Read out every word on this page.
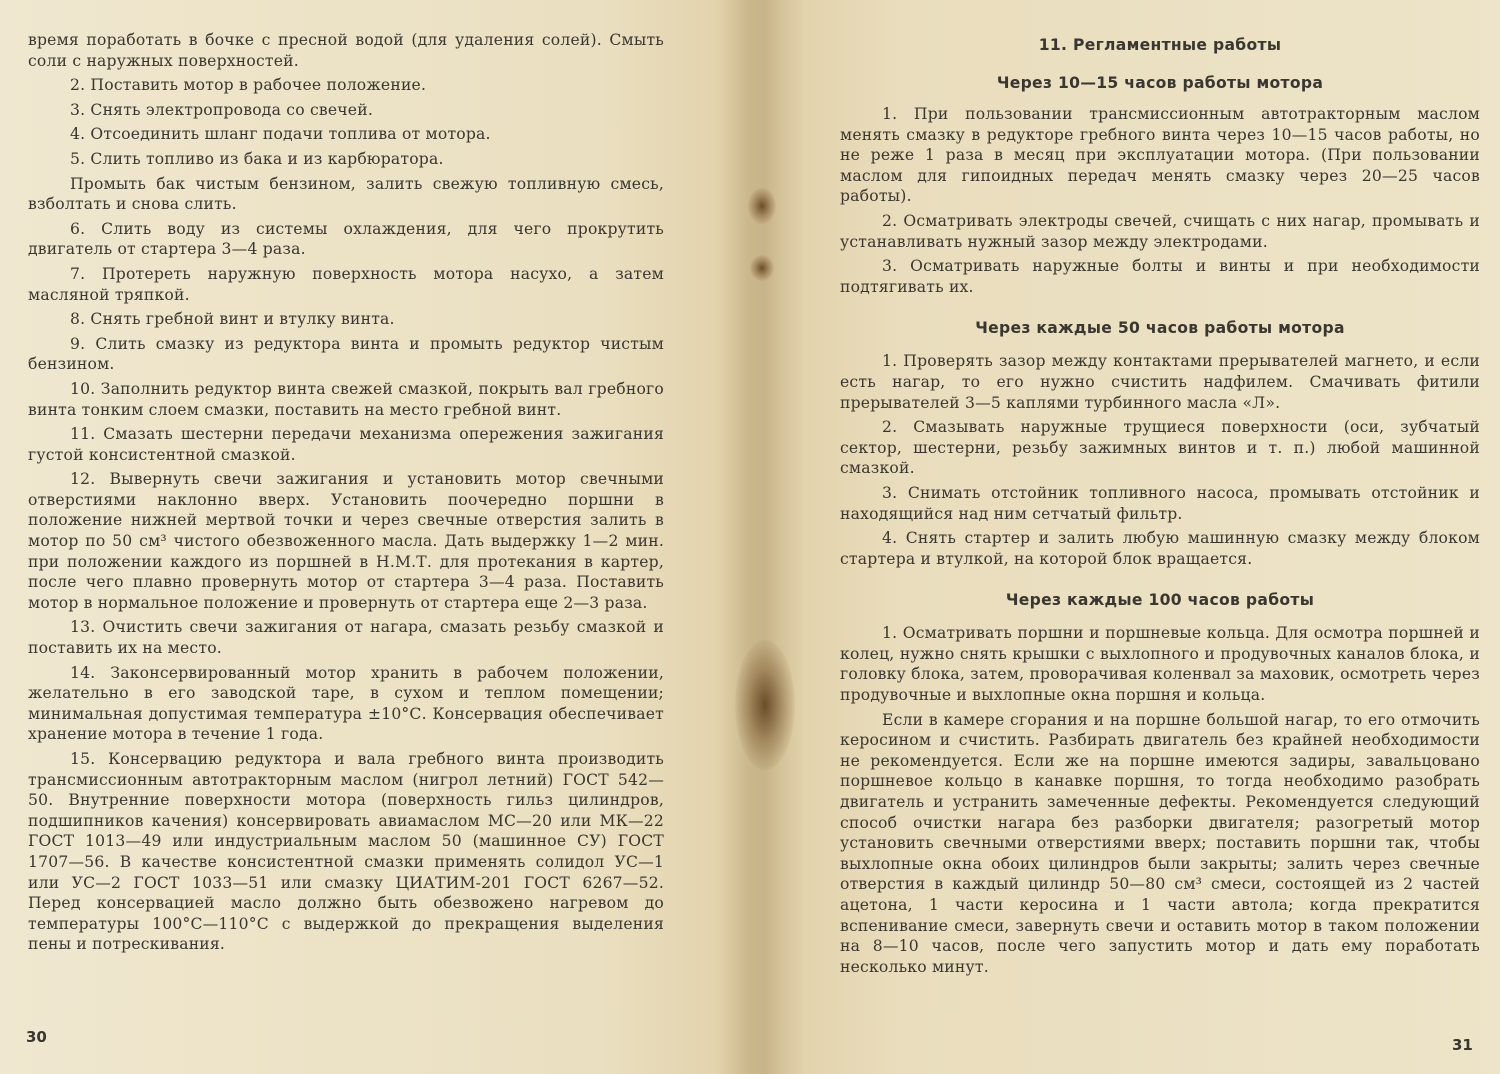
время поработать в бочке с пресной водой (для удаления солей). Смыть соли с наружных поверхностей.

2. Поставить мотор в рабочее положение.

3. Снять электропровода со свечей.

4. Отсоединить шланг подачи топлива от мотора.

5. Слить топливо из бака и из карбюратора.

Промыть бак чистым бензином, залить свежую топливную смесь, взболтать и снова слить.

6. Слить воду из системы охлаждения, для чего прокрутить двигатель от стартера 3—4 раза.

7. Протереть наружную поверхность мотора насухо, а затем масляной тряпкой.

8. Снять гребной винт и втулку винта.

9. Слить смазку из редуктора винта и промыть редуктор чистым бензином.

10. Заполнить редуктор винта свежей смазкой, покрыть вал гребного винта тонким слоем смазки, поставить на место гребной винт.

11. Смазать шестерни передачи механизма опережения зажигания густой консистентной смазкой.

12. Вывернуть свечи зажигания и установить мотор свечными отверстиями наклонно вверх. Установить поочередно поршни в положение нижней мертвой точки и через свечные отверстия залить в мотор по 50 см³ чистого обезвоженного масла. Дать выдержку 1—2 мин. при положении каждого из поршней в Н.М.Т. для протекания в картер, после чего плавно провернуть мотор от стартера 3—4 раза. Поставить мотор в нормальное положение и провернуть от стартера еще 2—3 раза.

13. Очистить свечи зажигания от нагара, смазать резьбу смазкой и поставить их на место.

14. Законсервированный мотор хранить в рабочем положении, желательно в его заводской таре, в сухом и теплом помещении; минимальная допустимая температура ±10°С. Консервация обеспечивает хранение мотора в течение 1 года.

15. Консервацию редуктора и вала гребного винта производить трансмиссионным автотракторным маслом (нигрол летний) ГОСТ 542—50. Внутренние поверхности мотора (поверхность гильз цилиндров, подшипников качения) консервировать авиамаслом МС—20 или МК—22 ГОСТ 1013—49 или индустриальным маслом 50 (машинное СУ) ГОСТ 1707—56. В качестве консистентной смазки применять солидол УС—1 или УС—2 ГОСТ 1033—51 или смазку ЦИАТИМ-201 ГОСТ 6267—52. Перед консервацией масло должно быть обезвожено нагревом до температуры 100°С—110°С с выдержкой до прекращения выделения пены и потрескивания.

30
11. Регламентные работы
Через 10—15 часов работы мотора

1. При пользовании трансмиссионным автотракторным маслом менять смазку в редукторе гребного винта через 10—15 часов работы, но не реже 1 раза в месяц при эксплуатации мотора. (При пользовании маслом для гипоидных передач менять смазку через 20—25 часов работы).

2. Осматривать электроды свечей, счищать с них нагар, промывать и устанавливать нужный зазор между электродами.

3. Осматривать наружные болты и винты и при необходимости подтягивать их.

Через каждые 50 часов работы мотора

1. Проверять зазор между контактами прерывателей магнето, и если есть нагар, то его нужно счистить надфилем. Смачивать фитили прерывателей 3—5 каплями турбинного масла «Л».

2. Смазывать наружные трущиеся поверхности (оси, зубчатый сектор, шестерни, резьбу зажимных винтов и т. п.) любой машинной смазкой.

3. Снимать отстойник топливного насоса, промывать отстойник и находящийся над ним сетчатый фильтр.

4. Снять стартер и залить любую машинную смазку между блоком стартера и втулкой, на которой блок вращается.

Через каждые 100 часов работы

1. Осматривать поршни и поршневые кольца. Для осмотра поршней и колец, нужно снять крышки с выхлопного и продувочных каналов блока, и головку блока, затем, проворачивая коленвал за маховик, осмотреть через продувочные и выхлопные окна поршня и кольца.

Если в камере сгорания и на поршне большой нагар, то его отмочить керосином и счистить. Разбирать двигатель без крайней необходимости не рекомендуется. Если же на поршне имеются задиры, завальцовано поршневое кольцо в канавке поршня, то тогда необходимо разобрать двигатель и устранить замеченные дефекты. Рекомендуется следующий способ очистки нагара без разборки двигателя; разогретый мотор установить свечными отверстиями вверх; поставить поршни так, чтобы выхлопные окна обоих цилиндров были закрыты; залить через свечные отверстия в каждый цилиндр 50—80 см³ смеси, состоящей из 2 частей ацетона, 1 части керосина и 1 части автола; когда прекратится вспенивание смеси, завернуть свечи и оставить мотор в таком положении на 8—10 часов, после чего запустить мотор и дать ему поработать несколько минут.

31
